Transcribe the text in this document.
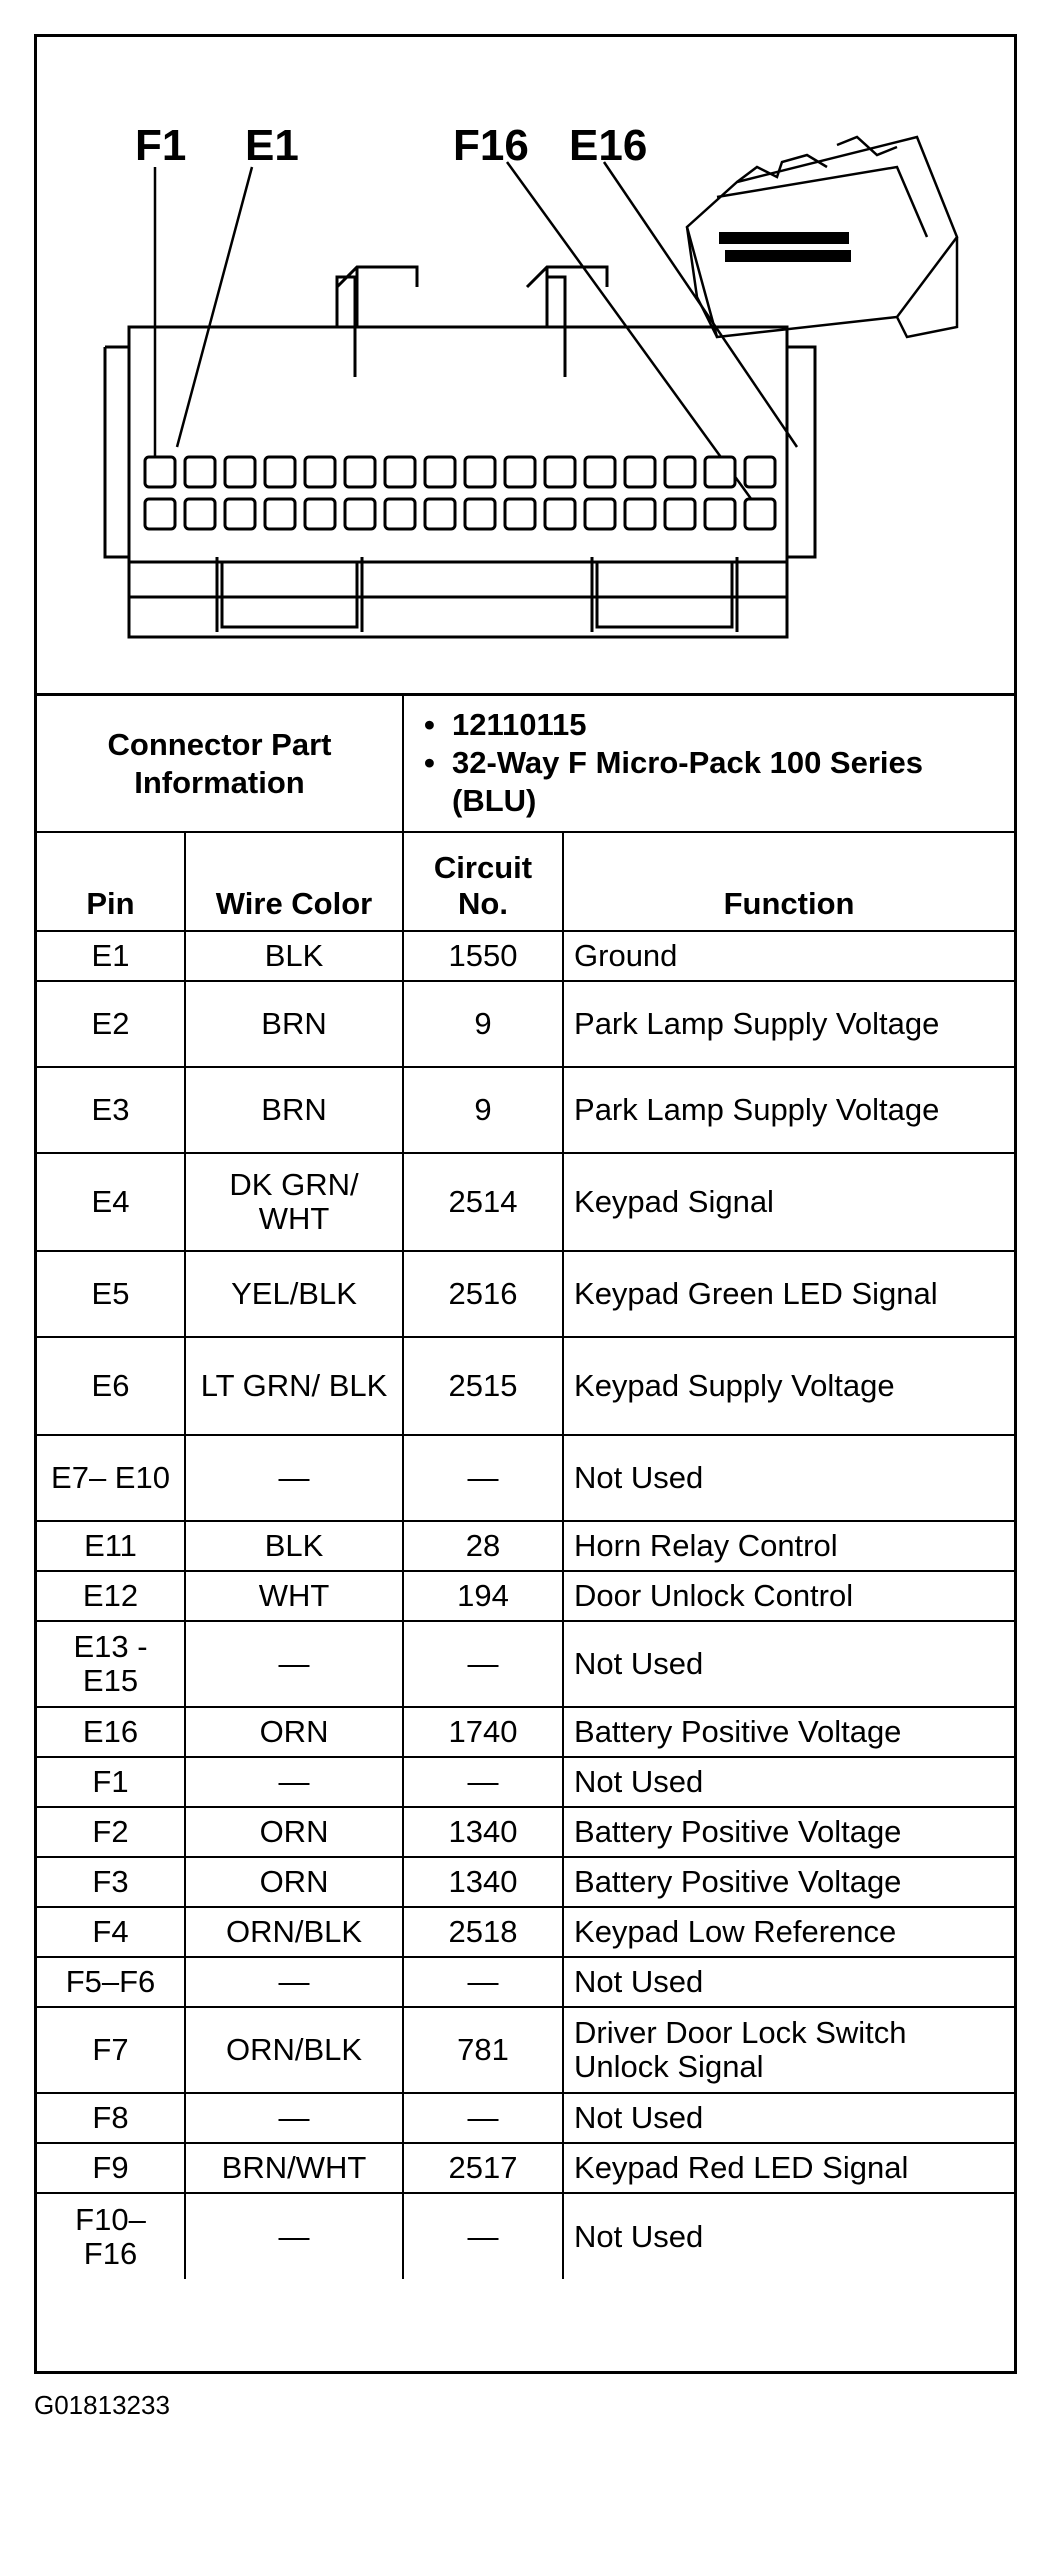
F1 E1	F16 E16
Connector Part Information		• 12110115
• 32-Way F Micro-Pack 100 Series (BLU)	

Pin	Wire Color	Circuit No.	Function
E1	BLK	1550	Ground
E2	BRN	9	Park Lamp Supply Voltage
E3	BRN	9	Park Lamp Supply Voltage
E4	DK GRN/ WHT	2514	Keypad Signal
E5	YEL/BLK	2516	Keypad Green LED Signal
E6	LT GRN/ BLK	2515	Keypad Supply Voltage
E7– E10	—	—	Not Used
E11	BLK	28	Horn Relay Control
E12	WHT	194	Door Unlock Control
E13 - E15	—	—	Not Used
E16	ORN	1740	Battery Positive Voltage
F1	—	—	Not Used
F2	ORN	1340	Battery Positive Voltage
F3	ORN	1340	Battery Positive Voltage
F4	ORN/BLK	2518	Keypad Low Reference
F5–F6	—	—	Not Used
F7	ORN/BLK	781	Driver Door Lock Switch Unlock Signal
F8	—	—	Not Used
F9	BRN/WHT	2517	Keypad Red LED Signal
F10– F16	—	—	Not Used
G01813233
